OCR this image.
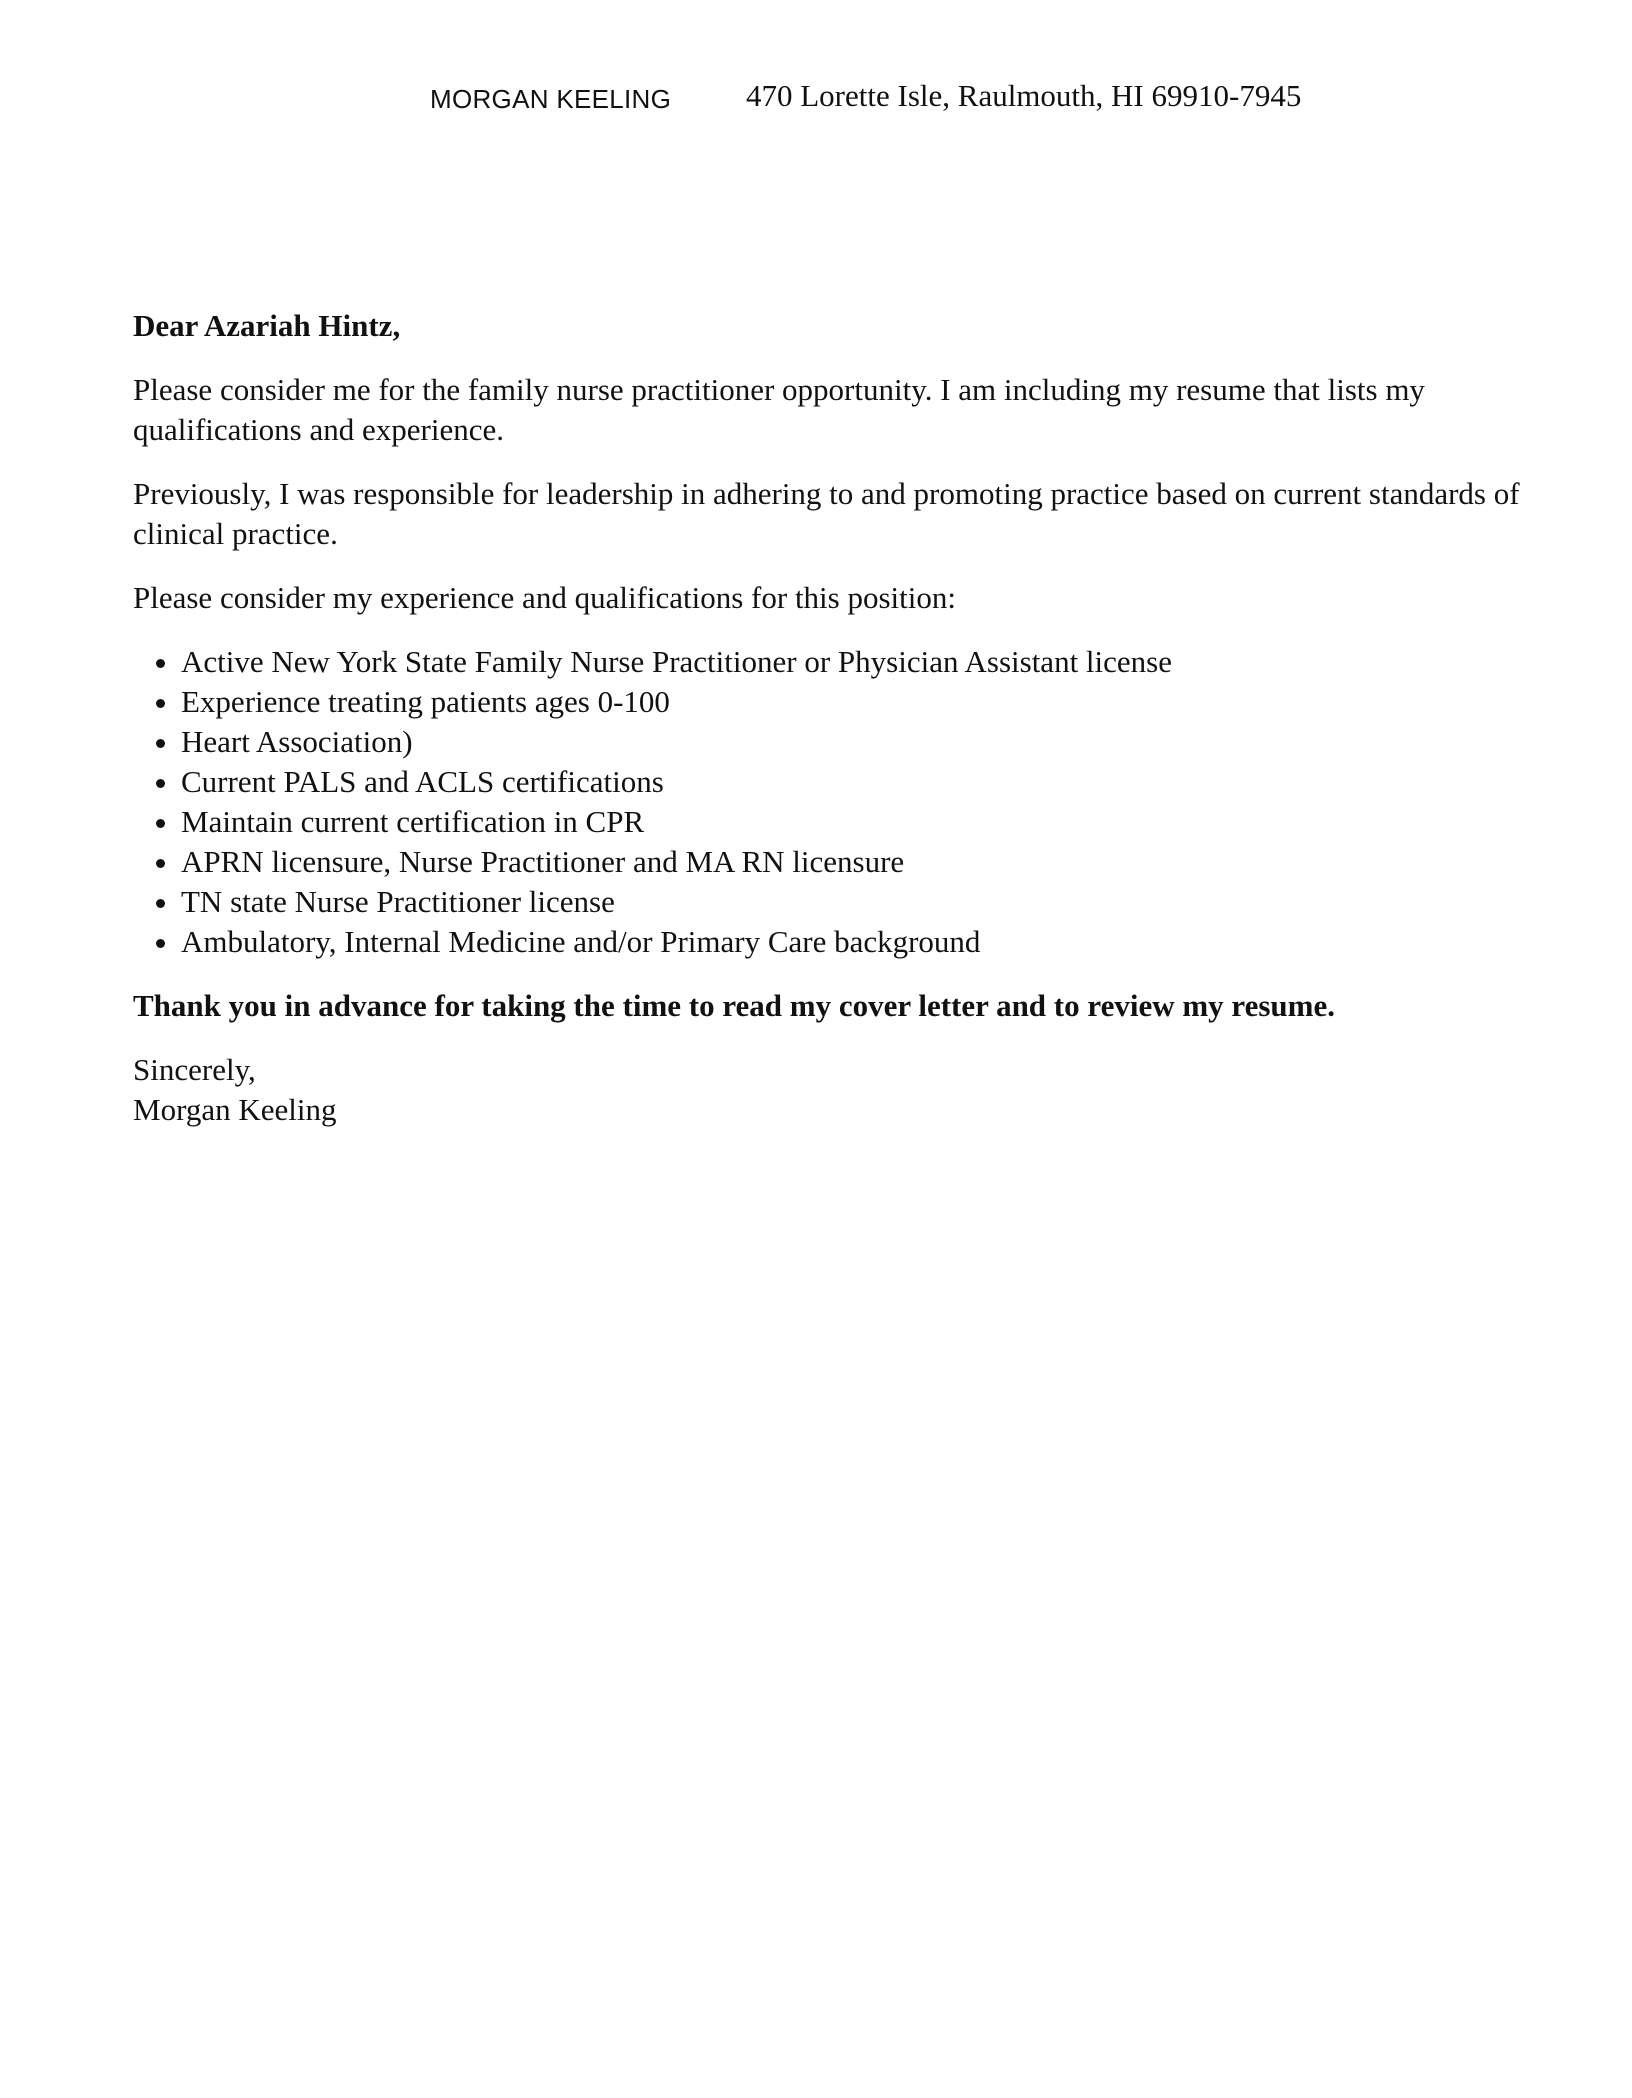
MORGAN KEELING 470 Lorette Isle, Raulmouth, HI 69910-7945

Dear Azariah Hintz,

Please consider me for the family nurse practitioner opportunity. I am including my resume that lists my qualifications and experience.

Previously, I was responsible for leadership in adhering to and promoting practice based on current standards of clinical practice.

Please consider my experience and qualifications for this position:

Active New York State Family Nurse Practitioner or Physician Assistant license
Experience treating patients ages 0-100
Heart Association)
Current PALS and ACLS certifications
Maintain current certification in CPR
APRN licensure, Nurse Practitioner and MA RN licensure
TN state Nurse Practitioner license
Ambulatory, Internal Medicine and/or Primary Care background

Thank you in advance for taking the time to read my cover letter and to review my resume.

Sincerely,
Morgan Keeling
